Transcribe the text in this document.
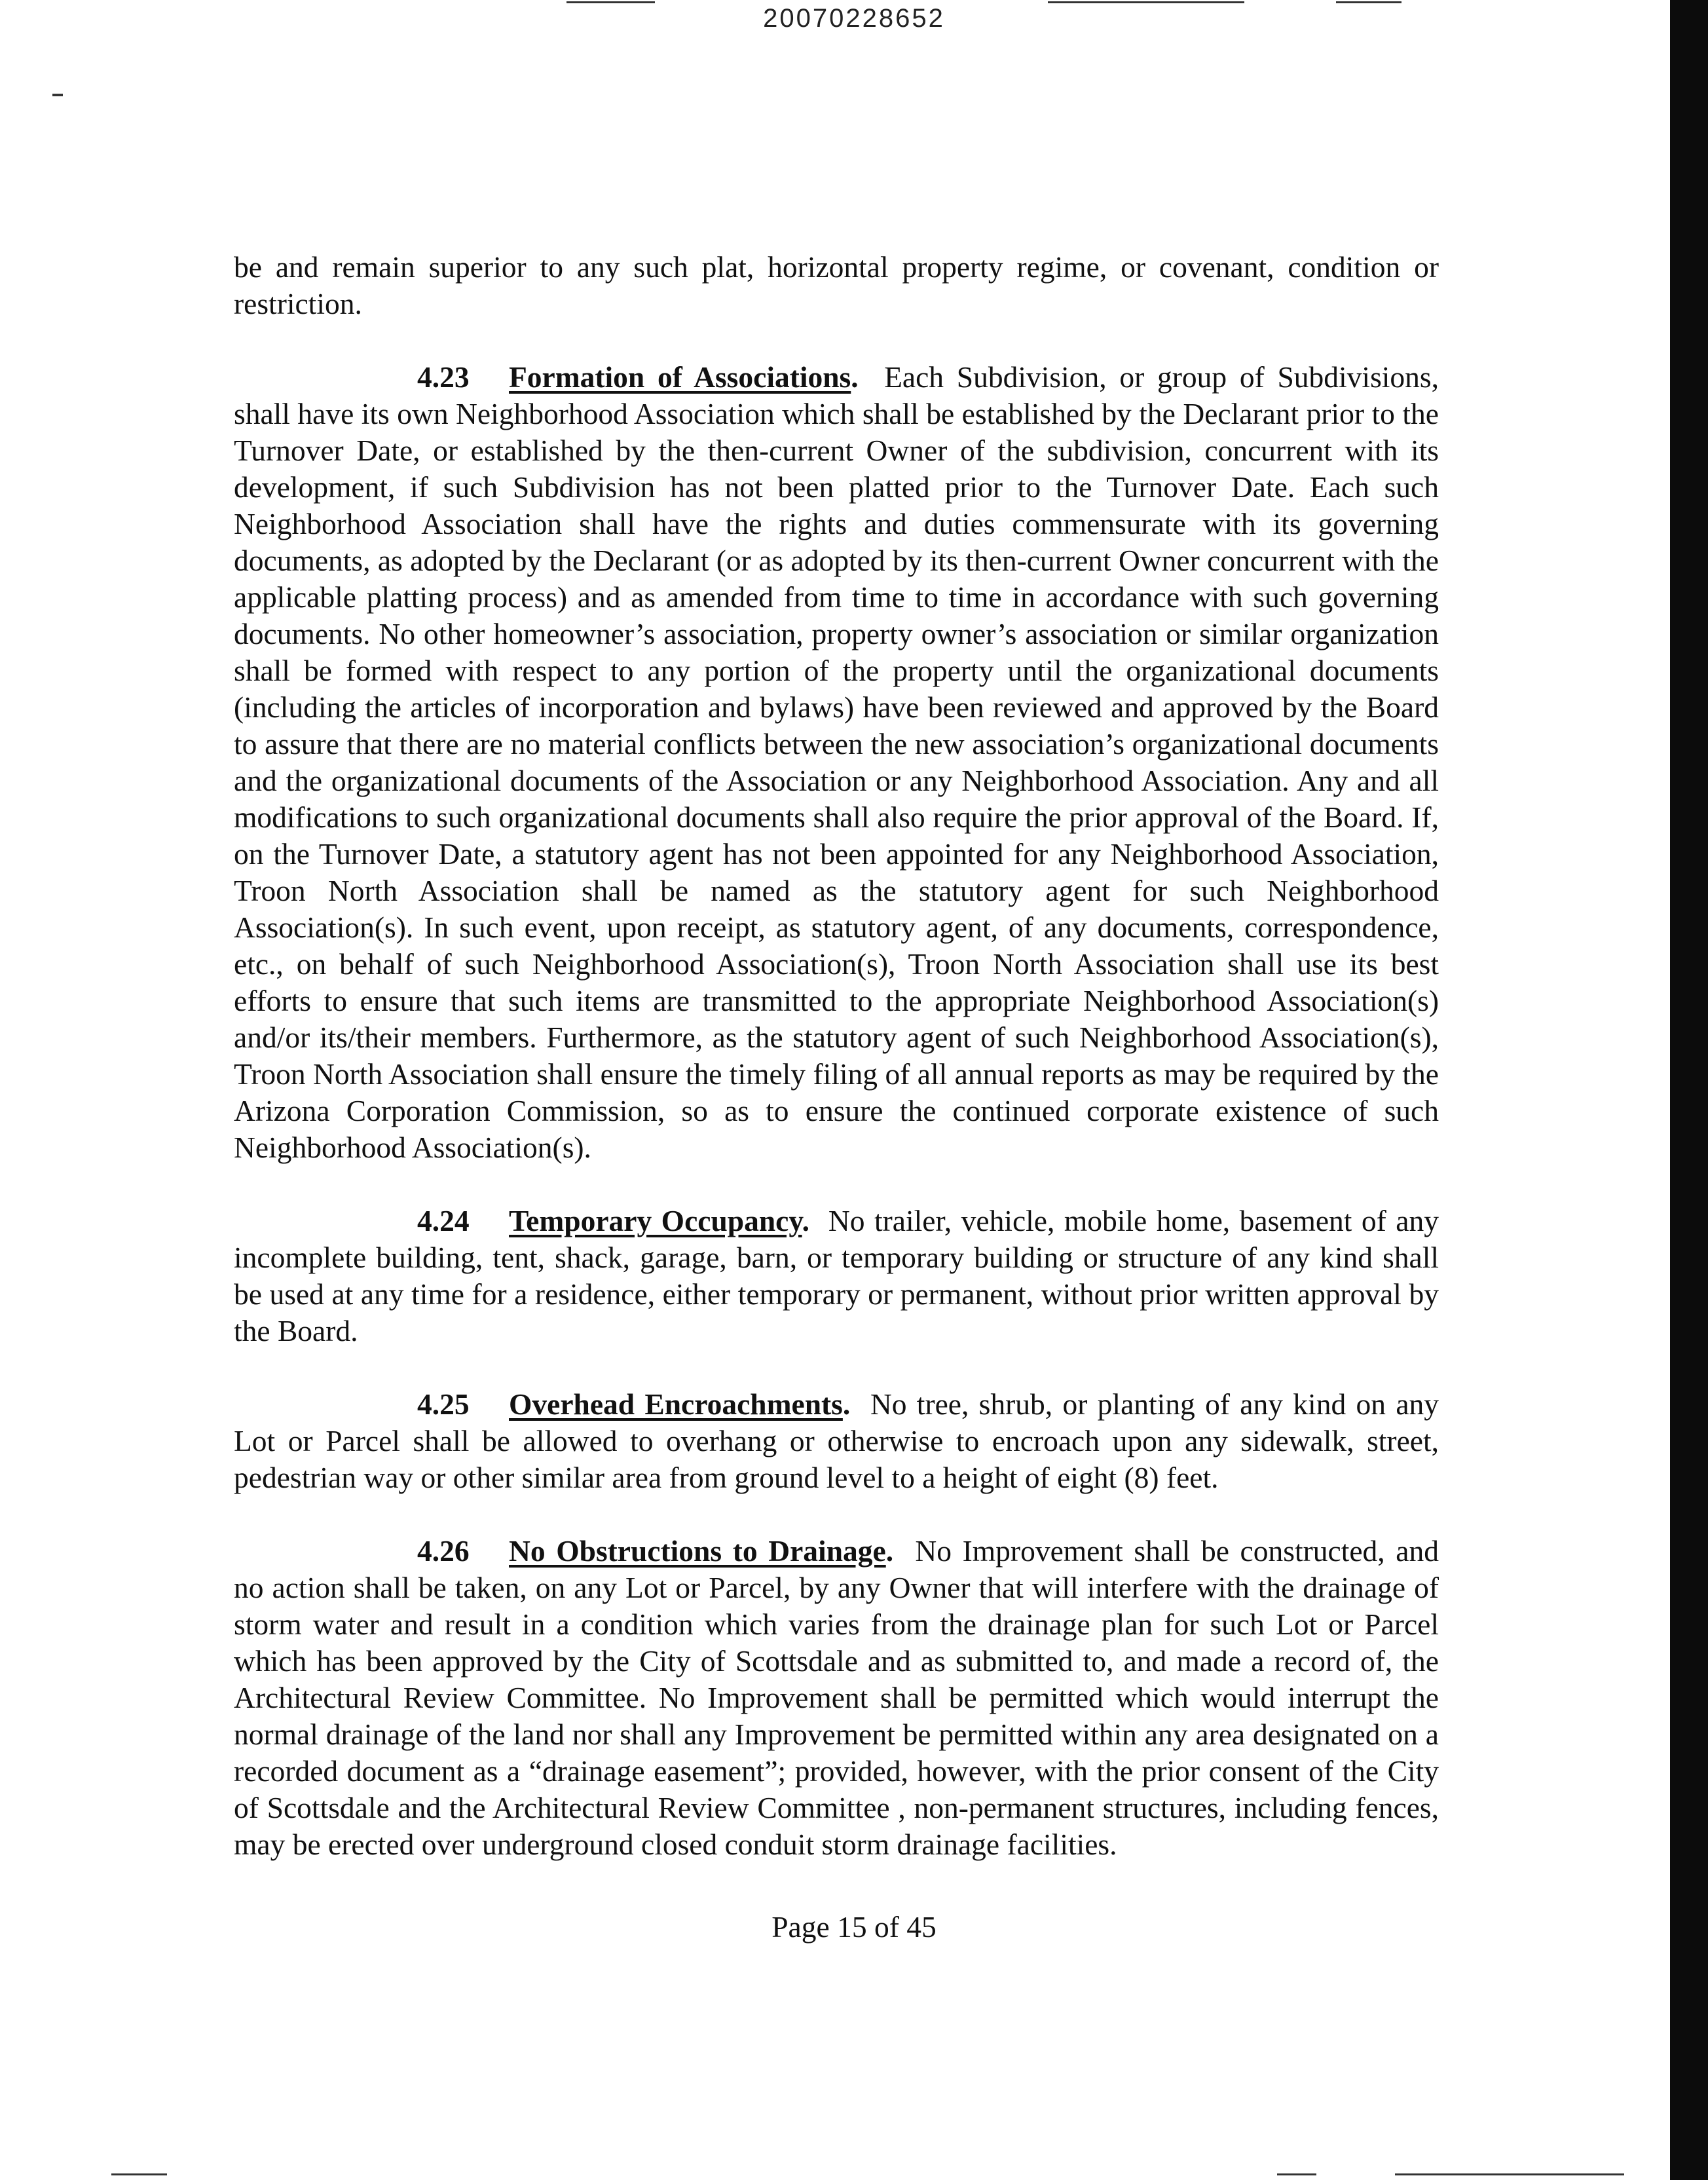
20070228652

be and remain superior to any such plat, horizontal property regime, or covenant, condition or restriction.

4.23 Formation of Associations. Each Subdivision, or group of Subdivisions, shall have its own Neighborhood Association which shall be established by the Declarant prior to the Turnover Date, or established by the then-current Owner of the subdivision, concurrent with its development, if such Subdivision has not been platted prior to the Turnover Date. Each such Neighborhood Association shall have the rights and duties commensurate with its governing documents, as adopted by the Declarant (or as adopted by its then-current Owner concurrent with the applicable platting process) and as amended from time to time in accordance with such governing documents. No other homeowner’s association, property owner’s association or similar organization shall be formed with respect to any portion of the property until the organizational documents (including the articles of incorporation and bylaws) have been reviewed and approved by the Board to assure that there are no material conflicts between the new association’s organizational documents and the organizational documents of the Association or any Neighborhood Association. Any and all modifications to such organizational documents shall also require the prior approval of the Board. If, on the Turnover Date, a statutory agent has not been appointed for any Neighborhood Association, Troon North Association shall be named as the statutory agent for such Neighborhood Association(s). In such event, upon receipt, as statutory agent, of any documents, correspondence, etc., on behalf of such Neighborhood Association(s), Troon North Association shall use its best efforts to ensure that such items are transmitted to the appropriate Neighborhood Association(s) and/or its/their members. Furthermore, as the statutory agent of such Neighborhood Association(s), Troon North Association shall ensure the timely filing of all annual reports as may be required by the Arizona Corporation Commission, so as to ensure the continued corporate existence of such Neighborhood Association(s).

4.24 Temporary Occupancy. No trailer, vehicle, mobile home, basement of any incomplete building, tent, shack, garage, barn, or temporary building or structure of any kind shall be used at any time for a residence, either temporary or permanent, without prior written approval by the Board.

4.25 Overhead Encroachments. No tree, shrub, or planting of any kind on any Lot or Parcel shall be allowed to overhang or otherwise to encroach upon any sidewalk, street, pedestrian way or other similar area from ground level to a height of eight (8) feet.

4.26 No Obstructions to Drainage. No Improvement shall be constructed, and no action shall be taken, on any Lot or Parcel, by any Owner that will interfere with the drainage of storm water and result in a condition which varies from the drainage plan for such Lot or Parcel which has been approved by the City of Scottsdale and as submitted to, and made a record of, the Architectural Review Committee. No Improvement shall be permitted which would interrupt the normal drainage of the land nor shall any Improvement be permitted within any area designated on a recorded document as a “drainage easement”; provided, however, with the prior consent of the City of Scottsdale and the Architectural Review Committee , non-permanent structures, including fences, may be erected over underground closed conduit storm drainage facilities.

Page 15 of 45
